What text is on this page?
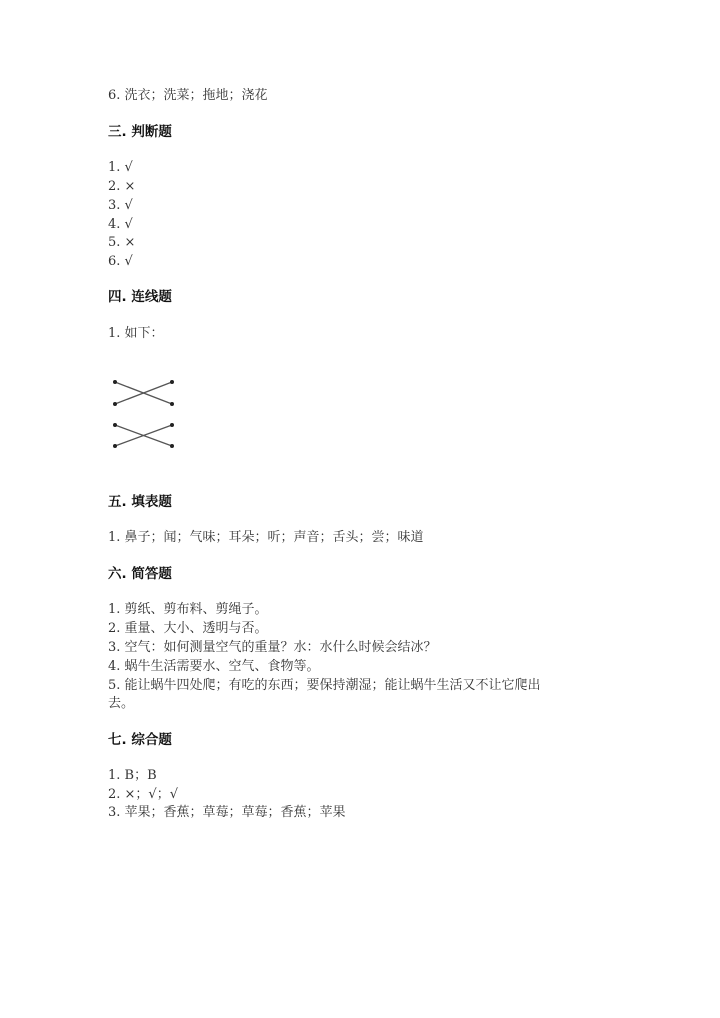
6. 洗衣；洗菜；拖地；浇花
三. 判断题
1. √
2. ×
3. √
4. √
5. ×
6. √
四. 连线题
1. 如下：
五. 填表题
1. 鼻子；闻；气味；耳朵；听；声音；舌头；尝；味道
六. 简答题
1. 剪纸、剪布料、剪绳子。
2. 重量、大小、透明与否。
3. 空气：如何测量空气的重量？水：水什么时候会结冰？
4. 蜗牛生活需要水、空气、食物等。
5. 能让蜗牛四处爬；有吃的东西；要保持潮湿；能让蜗牛生活又不让它爬出
去。
七. 综合题
1. B；B
2. ×；√；√
3. 苹果；香蕉；草莓；草莓；香蕉；苹果
